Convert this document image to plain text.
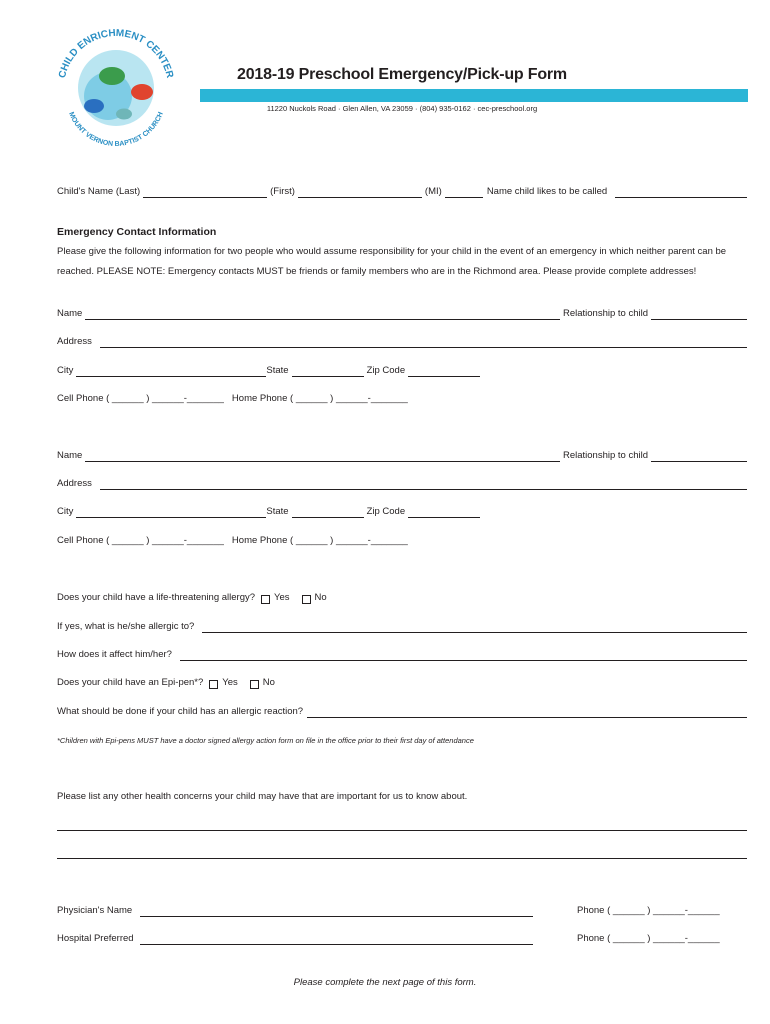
CHILD ENRICHMENT CENTER
MOUNT VERNON BAPTIST CHURCH
2018-19 Preschool Emergency/Pick-up Form
11220 Nuckols Road · Glen Allen, VA 23059 · (804) 935-0162 · cec-preschool.org
Child's Name (Last)	(First)	(MI)	Name child likes to be called
Emergency Contact Information
Please give the following information for two people who would assume responsibility for your child in the event of an emergency in which neither parent can be reached. PLEASE NOTE: Emergency contacts MUST be friends or family members who are in the Richmond area. Please provide complete addresses!
Name	Relationship to child
Address
City	State	Zip Code
Cell Phone ( ______ ) ______-_______ Home Phone ( ______ ) ______-_______
Name	Relationship to child
Address
City	State	Zip Code
Cell Phone ( ______ ) ______-_______ Home Phone ( ______ ) ______-_______
Does your child have a life-threatening allergy? Yes	No
If yes, what is he/she allergic to?
How does it affect him/her?
Does your child have an Epi-pen*? Yes	No
What should be done if your child has an allergic reaction?
*Children with Epi-pens MUST have a doctor signed allergy action form on file in the office prior to their first day of attendance
Please list any other health concerns your child may have that are important for us to know about.
Physician's Name	Phone ( ______ ) ______-______
Hospital Preferred	Phone ( ______ ) ______-______
Please complete the next page of this form.
